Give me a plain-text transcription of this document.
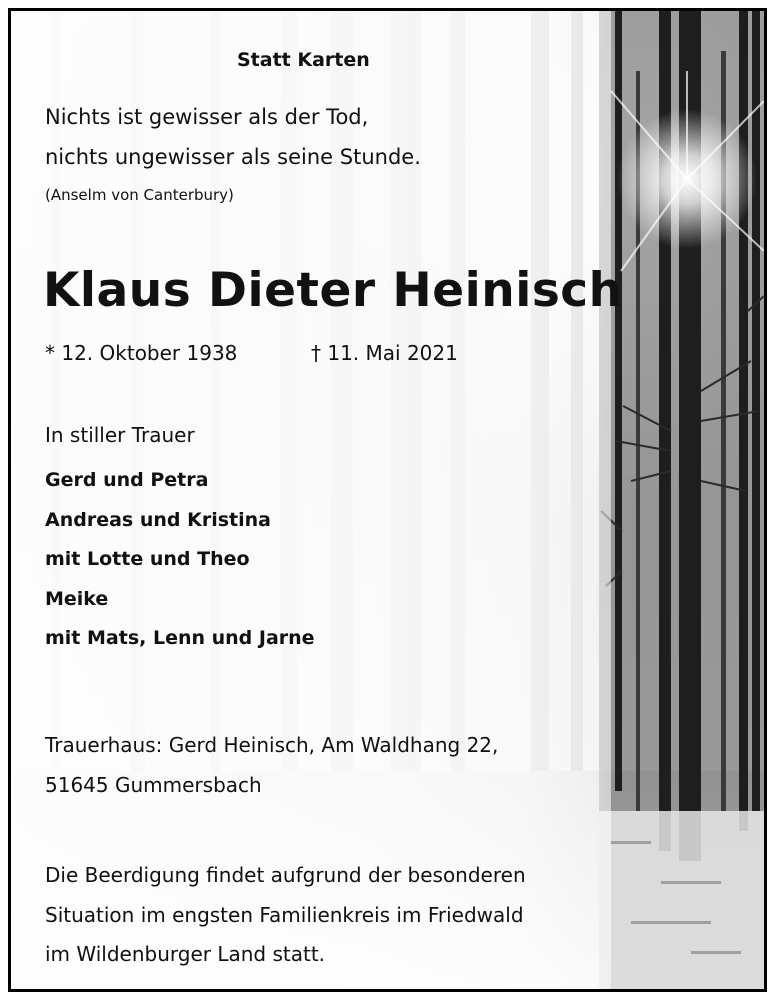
Statt Karten

Nichts ist gewisser als der Tod,

nichts ungewisser als seine Stunde.

(Anselm von Canterbury)

Klaus Dieter Heinisch

* 12. Oktober 1938	† 11. Mai 2021

In stiller Trauer

Gerd und Petra

Andreas und Kristina

mit Lotte und Theo

Meike

mit Mats, Lenn und Jarne

Trauerhaus: Gerd Heinisch, Am Waldhang 22,

51645 Gummersbach

Die Beerdigung findet aufgrund der besonderen

Situation im engsten Familienkreis im Friedwald

im Wildenburger Land statt.
